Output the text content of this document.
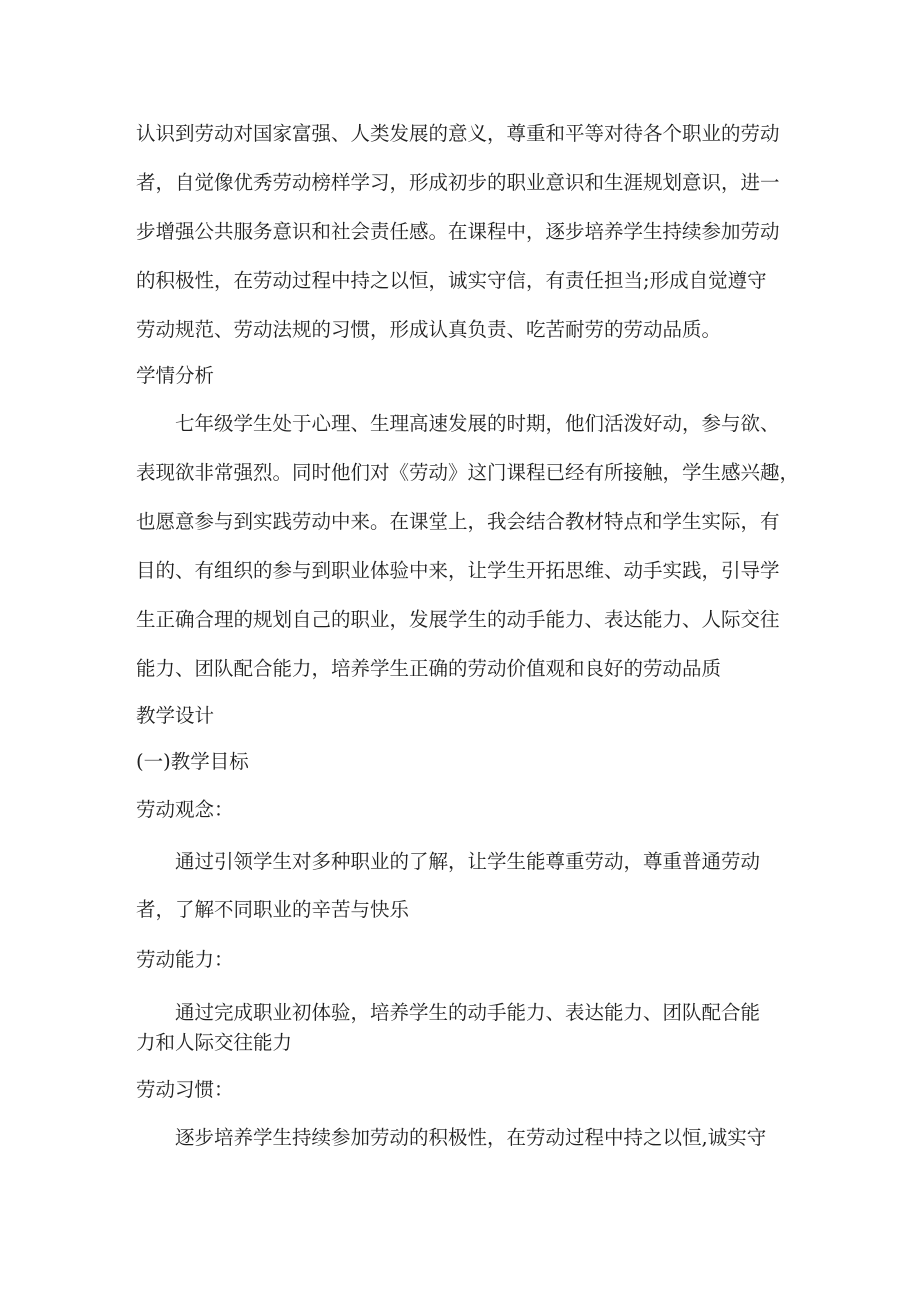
认识到劳动对国家富强、人类发展的意义，尊重和平等对待各个职业的劳动

者，自觉像优秀劳动榜样学习，形成初步的职业意识和生涯规划意识，进一

步增强公共服务意识和社会责任感。在课程中，逐步培养学生持续参加劳动

的积极性，在劳动过程中持之以恒，诚实守信，有责任担当;形成自觉遵守

劳动规范、劳动法规的习惯，形成认真负责、吃苦耐劳的劳动品质。

学情分析

七年级学生处于心理、生理高速发展的时期，他们活泼好动，参与欲、

表现欲非常强烈。同时他们对《劳动》这门课程已经有所接触，学生感兴趣，

也愿意参与到实践劳动中来。在课堂上，我会结合教材特点和学生实际，有

目的、有组织的参与到职业体验中来，让学生开拓思维、动手实践，引导学

生正确合理的规划自己的职业，发展学生的动手能力、表达能力、人际交往

能力、团队配合能力，培养学生正确的劳动价值观和良好的劳动品质

教学设计

(一)教学目标

劳动观念：

通过引领学生对多种职业的了解，让学生能尊重劳动，尊重普通劳动

者，了解不同职业的辛苦与快乐

劳动能力：

通过完成职业初体验，培养学生的动手能力、表达能力、团队配合能

力和人际交往能力

劳动习惯：

逐步培养学生持续参加劳动的积极性，在劳动过程中持之以恒,诚实守
